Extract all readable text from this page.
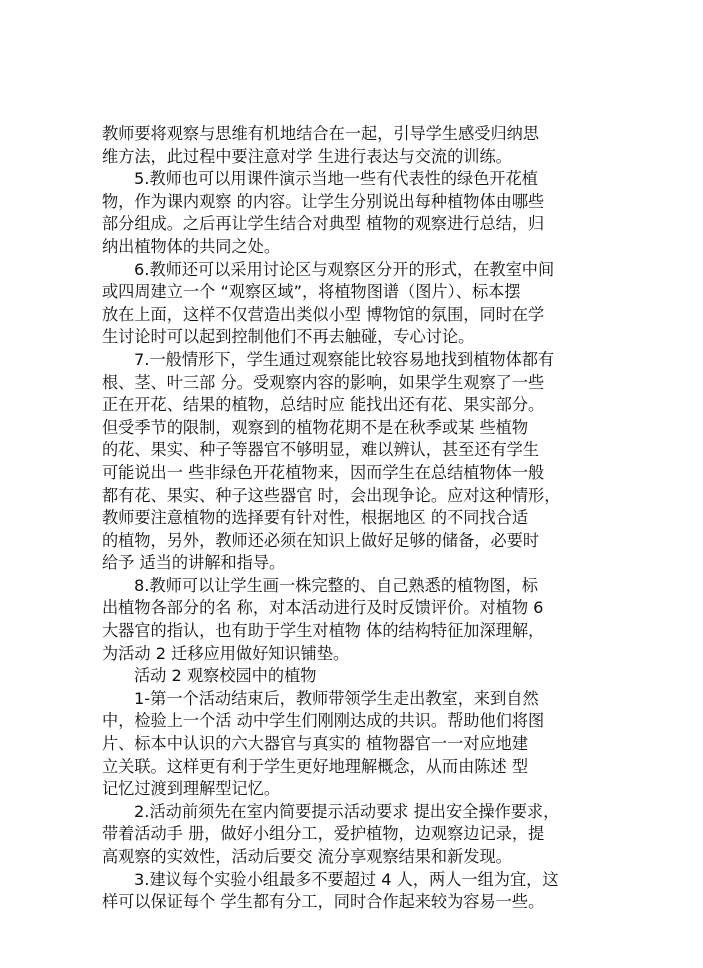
教师要将观察与思维有机地结合在一起，引导学生感受归纳思
维方法，此过程中要注意对学 生进行表达与交流的训练。
5.教师也可以用课件演示当地一些有代表性的绿色开花植
物，作为课内观察 的内容。让学生分别说出每种植物体由哪些
部分组成。之后再让学生结合对典型 植物的观察进行总结，归
纳出植物体的共同之处。
6.教师还可以采用讨论区与观察区分开的形式，在教室中间
或四周建立一个 “观察区域”，将植物图谱（图片）、标本摆
放在上面，这样不仅营造出类似小型 博物馆的氛围，同时在学
生讨论时可以起到控制他们不再去触碰，专心讨论。
7.一般情形下，学生通过观察能比较容易地找到植物体都有
根、茎、叶三部 分。受观察内容的影响，如果学生观察了一些
正在开花、结果的植物，总结时应 能找出还有花、果实部分。
但受季节的限制，观察到的植物花期不是在秋季或某 些植物
的花、果实、种子等器官不够明显，难以辨认，甚至还有学生
可能说出一 些非绿色开花植物来，因而学生在总结植物体一般
都有花、果实、种子这些器官 时，会出现争论。应对这种情形，
教师要注意植物的选择要有针对性，根据地区 的不同找合适
的植物，另外，教师还必须在知识上做好足够的储备，必要时
给予 适当的讲解和指导。
8.教师可以让学生画一株完整的、自己熟悉的植物图，标
出植物各部分的名 称，对本活动进行及时反馈评价。对植物 6
大器官的指认，也有助于学生对植物 体的结构特征加深理解，
为活动 2 迁移应用做好知识铺垫。
活动 2 观察校园中的植物
1-第一个活动结束后，教师带领学生走出教室，来到自然
中，检验上一个活 动中学生们刚刚达成的共识。帮助他们将图
片、标本中认识的六大器官与真实的 植物器官一一对应地建
立关联。这样更有利于学生更好地理解概念，从而由陈述 型
记忆过渡到理解型记忆。
2.活动前须先在室内简要提示活动要求 提出安全操作要求，
带着活动手 册，做好小组分工，爱护植物，边观察边记录，提
高观察的实效性，活动后要交 流分享观察结果和新发现。
3.建议每个实验小组最多不要超过 4 人，两人一组为宜，这
样可以保证每个 学生都有分工，同时合作起来较为容易一些。
